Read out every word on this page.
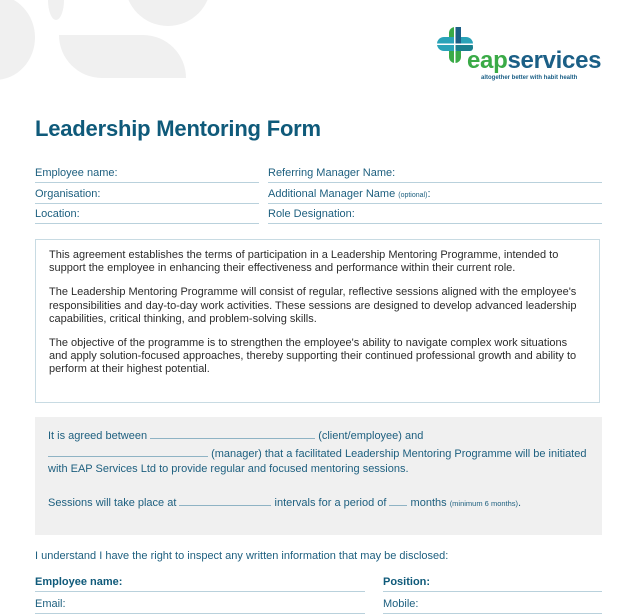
eapservices
altogether better with habit health
Leadership Mentoring Form
Employee name:
Organisation:
Location:
Referring Manager Name:
Additional Manager Name (optional):
Role Designation:

This agreement establishes the terms of participation in a Leadership Mentoring Programme, intended to support the employee in enhancing their effectiveness and performance within their current role.

The Leadership Mentoring Programme will consist of regular, reflective sessions aligned with the employee's responsibilities and day-to-day work activities. These sessions are designed to develop advanced leadership capabilities, critical thinking, and problem-solving skills.

The objective of the programme is to strengthen the employee's ability to navigate complex work situations and apply solution-focused approaches, thereby supporting their continued professional growth and ability to perform at their highest potential.

It is agreed between	(client/employee) and
(manager) that a facilitated Leadership Mentoring Programme will be initiated with EAP Services Ltd to provide regular and focused mentoring sessions.
Sessions will take place at	intervals for a period of months (minimum 6 months).
I understand I have the right to inspect any written information that may be disclosed:
Employee name:	Position:
Email:	Mobile:
